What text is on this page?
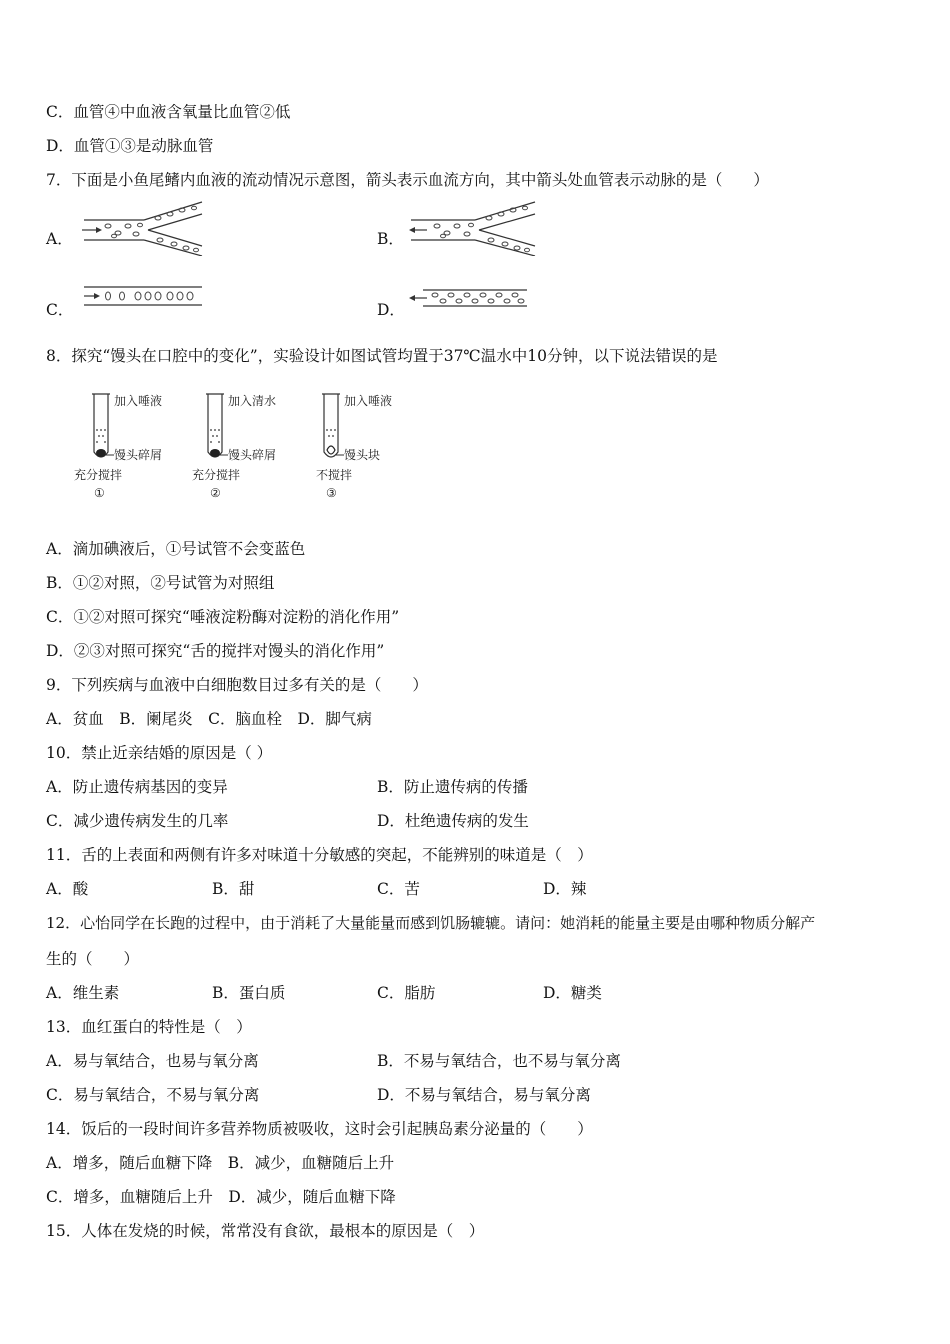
C．血管④中血液含氧量比血管②低
D．血管①③是动脉血管
7．下面是小鱼尾鳍内血液的流动情况示意图，箭头表示血流方向，其中箭头处血管表示动脉的是（　　）
A．	B．
C．	D．
8．探究“馒头在口腔中的变化”，实验设计如图试管均置于37℃温水中10分钟，以下说法错误的是
加入唾液
馒头碎屑
充分搅拌
①
加入清水
馒头碎屑
充分搅拌
②
加入唾液
馒头块
不搅拌
③
A．滴加碘液后，①号试管不会变蓝色
B．①②对照，②号试管为对照组
C．①②对照可探究“唾液淀粉酶对淀粉的消化作用”
D．②③对照可探究“舌的搅拌对馒头的消化作用”
9．下列疾病与血液中白细胞数目过多有关的是（　　）
A．贫血　B．阑尾炎　C．脑血栓　D．脚气病
10．禁止近亲结婚的原因是（ ）
A．防止遗传病基因的变异	B．防止遗传病的传播
C．减少遗传病发生的几率	D．杜绝遗传病的发生
11．舌的上表面和两侧有许多对味道十分敏感的突起，不能辨别的味道是（　）
A．酸	B．甜	C．苦	D．辣
12．心怡同学在长跑的过程中，由于消耗了大量能量而感到饥肠辘辘。请问：她消耗的能量主要是由哪种物质分解产
生的（　　）
A．维生素	B．蛋白质	C．脂肪	D．糖类
13．血红蛋白的特性是（　）
A．易与氧结合，也易与氧分离	B．不易与氧结合，也不易与氧分离
C．易与氧结合，不易与氧分离	D．不易与氧结合，易与氧分离
14．饭后的一段时间许多营养物质被吸收，这时会引起胰岛素分泌量的（　　）
A．增多，随后血糖下降　B．减少，血糖随后上升
C．增多，血糖随后上升　D．减少，随后血糖下降
15．人体在发烧的时候，常常没有食欲，最根本的原因是（　）
